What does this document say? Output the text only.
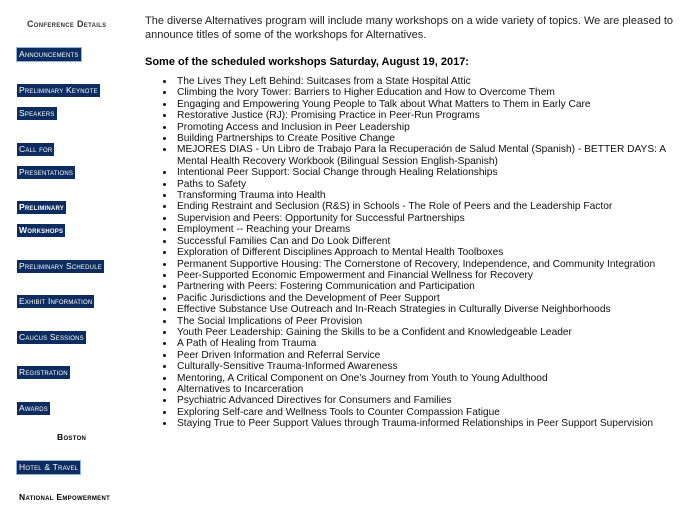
Conference Details
Announcements
Preliminary Keynote
Speakers
Call for
Presentations
Preliminary
Workshops
Preliminary Schedule
Exhibit Information
Caucus Sessions
Registration
Awards
Boston
Hotel & Travel
National Empowerment

The diverse Alternatives program will include many workshops on a wide variety of topics. We are pleased to announce titles of some of the workshops for Alternatives.

Some of the scheduled workshops Saturday, August 19, 2017:

• The Lives They Left Behind: Suitcases from a State Hospital Attic
• Climbing the Ivory Tower: Barriers to Higher Education and How to Overcome Them
• Engaging and Empowering Young People to Talk about What Matters to Them in Early Care
• Restorative Justice (RJ): Promising Practice in Peer-Run Programs
• Promoting Access and Inclusion in Peer Leadership
• Building Partnerships to Create Positive Change
• MEJORES DIAS - Un Libro de Trabajo Para la Recuperación de Salud Mental (Spanish) - BETTER DAYS: A Mental Health Recovery Workbook (Bilingual Session English-Spanish)
• Intentional Peer Support: Social Change through Healing Relationships
• Paths to Safety
• Transforming Trauma into Health
• Ending Restraint and Seclusion (R&S) in Schools - The Role of Peers and the Leadership Factor
• Supervision and Peers: Opportunity for Successful Partnerships
• Employment -- Reaching your Dreams
• Successful Families Can and Do Look Different
• Exploration of Different Disciplines Approach to Mental Health Toolboxes
• Permanent Supportive Housing: The Cornerstone of Recovery, Independence, and Community Integration
• Peer-Supported Economic Empowerment and Financial Wellness for Recovery
• Partnering with Peers: Fostering Communication and Participation
• Pacific Jurisdictions and the Development of Peer Support
• Effective Substance Use Outreach and In-Reach Strategies in Culturally Diverse Neighborhoods
• The Social Implications of Peer Provision
• Youth Peer Leadership: Gaining the Skills to be a Confident and Knowledgeable Leader
• A Path of Healing from Trauma
• Peer Driven Information and Referral Service
• Culturally-Sensitive Trauma-Informed Awareness
• Mentoring, A Critical Component on One's Journey from Youth to Young Adulthood
• Alternatives to Incarceration
• Psychiatric Advanced Directives for Consumers and Families
• Exploring Self-care and Wellness Tools to Counter Compassion Fatigue
• Staying True to Peer Support Values through Trauma-informed Relationships in Peer Support Supervision
